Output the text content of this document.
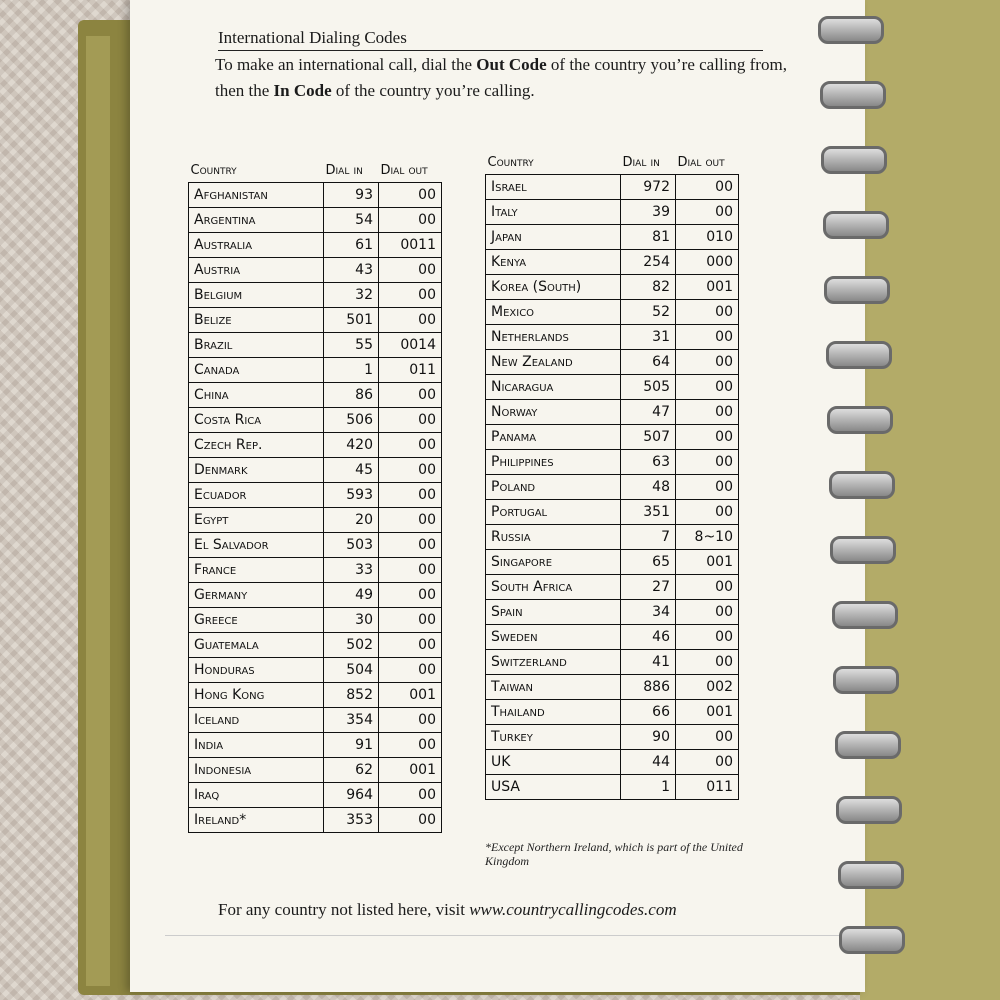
International Dialing Codes
To make an international call, dial the Out Code of the country you’re calling from, then the In Code of the country you’re calling.
Country	Dial in	Dial out
Afghanistan	93	00
Argentina	54	00
Australia	61	0011
Austria	43	00
Belgium	32	00
Belize	501	00
Brazil	55	0014
Canada	1	011
China	86	00
Costa Rica	506	00
Czech Rep.	420	00
Denmark	45	00
Ecuador	593	00
Egypt	20	00
El Salvador	503	00
France	33	00
Germany	49	00
Greece	30	00
Guatemala	502	00
Honduras	504	00
Hong Kong	852	001
Iceland	354	00
India	91	00
Indonesia	62	001
Iraq	964	00
Ireland*	353	00
Country	Dial in	Dial out
Israel	972	00
Italy	39	00
Japan	81	010
Kenya	254	000
Korea (South)	82	001
Mexico	52	00
Netherlands	31	00
New Zealand	64	00
Nicaragua	505	00
Norway	47	00
Panama	507	00
Philippines	63	00
Poland	48	00
Portugal	351	00
Russia	7	8~10
Singapore	65	001
South Africa	27	00
Spain	34	00
Sweden	46	00
Switzerland	41	00
Taiwan	886	002
Thailand	66	001
Turkey	90	00
UK	44	00
USA	1	011
*Except Northern Ireland, which is part of the United Kingdom
For any country not listed here, visit www.countrycallingcodes.com
